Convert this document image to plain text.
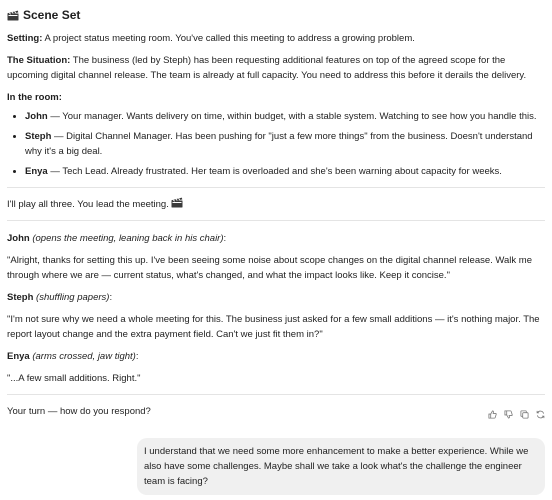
Scene Set

Setting: A project status meeting room. You've called this meeting to address a growing problem.

The Situation: The business (led by Steph) has been requesting additional features on top of the agreed scope for the upcoming digital channel release. The team is already at full capacity. You need to address this before it derails the delivery.

In the room:

• John — Your manager. Wants delivery on time, within budget, with a stable system. Watching to see how you handle this.
• Steph — Digital Channel Manager. Has been pushing for "just a few more things" from the business. Doesn't understand why it's a big deal.
• Enya — Tech Lead. Already frustrated. Her team is overloaded and she's been warning about capacity for weeks.

I'll play all three. You lead the meeting.

John (opens the meeting, leaning back in his chair):

"Alright, thanks for setting this up. I've been seeing some noise about scope changes on the digital channel release. Walk me through where we are — current status, what's changed, and what the impact looks like. Keep it concise."

Steph (shuffling papers):

"I'm not sure why we need a whole meeting for this. The business just asked for a few small additions — it's nothing major. The report layout change and the extra payment field. Can't we just fit them in?"

Enya (arms crossed, jaw tight):

"...A few small additions. Right."

Your turn — how do you respond?

I understand that we need some more enhancement to make a better experience. While we also have some challenges. Maybe shall we take a look what's the challenge the engineer team is facing?
